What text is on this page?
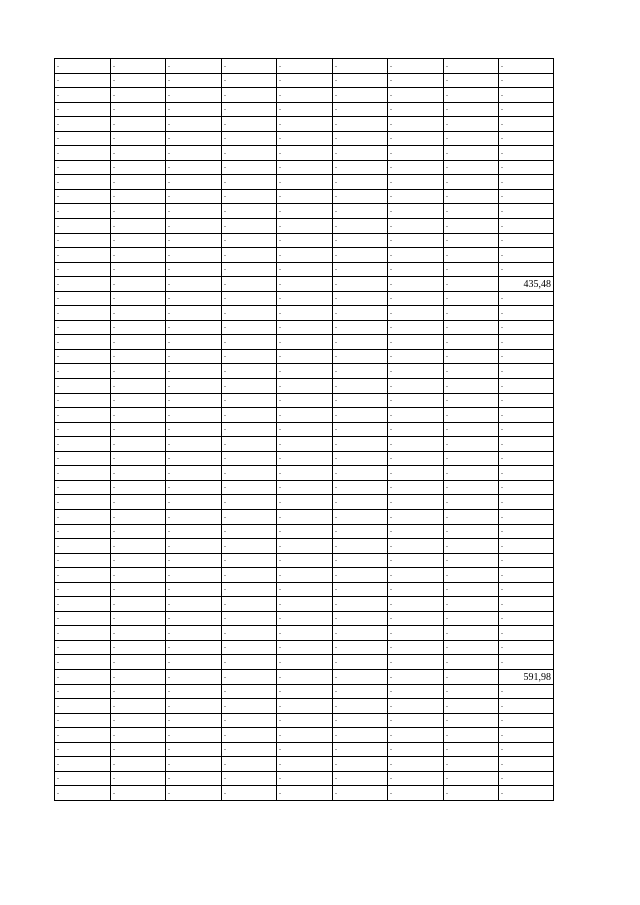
-	-	-	-	-	-	-	-	-
-	-	-	-	-	-	-	-	-
-	-	-	-	-	-	-	-	-
-	-	-	-	-	-	-	-	-
-	-	-	-	-	-	-	-	-
-	-	-	-	-	-	-	-	-
-	-	-	-	-	-	-	-	-
-	-	-	-	-	-	-	-	-
-	-	-	-	-	-	-	-	-
-	-	-	-	-	-	-	-	-
-	-	-	-	-	-	-	-	-
-	-	-	-	-	-	-	-	-
-	-	-	-	-	-	-	-	-
-	-	-	-	-	-	-	-	-
-	-	-	-	-	-	-	-	-
-	-	-	-	-	-	-	-	435,48
-	-	-	-	-	-	-	-	-
-	-	-	-	-	-	-	-	-
-	-	-	-	-	-	-	-	-
-	-	-	-	-	-	-	-	-
-	-	-	-	-	-	-	-	-
-	-	-	-	-	-	-	-	-
-	-	-	-	-	-	-	-	-
-	-	-	-	-	-	-	-	-
-	-	-	-	-	-	-	-	-
-	-	-	-	-	-	-	-	-
-	-	-	-	-	-	-	-	-
-	-	-	-	-	-	-	-	-
-	-	-	-	-	-	-	-	-
-	-	-	-	-	-	-	-	-
-	-	-	-	-	-	-	-	-
-	-	-	-	-	-	-	-	-
-	-	-	-	-	-	-	-	-
-	-	-	-	-	-	-	-	-
-	-	-	-	-	-	-	-	-
-	-	-	-	-	-	-	-	-
-	-	-	-	-	-	-	-	-
-	-	-	-	-	-	-	-	-
-	-	-	-	-	-	-	-	-
-	-	-	-	-	-	-	-	-
-	-	-	-	-	-	-	-	-
-	-	-	-	-	-	-	-	-
-	-	-	-	-	-	-	-	591,98
-	-	-	-	-	-	-	-	-
-	-	-	-	-	-	-	-	-
-	-	-	-	-	-	-	-	-
-	-	-	-	-	-	-	-	-
-	-	-	-	-	-	-	-	-
-	-	-	-	-	-	-	-	-
-	-	-	-	-	-	-	-	-
-	-	-	-	-	-	-	-	-
